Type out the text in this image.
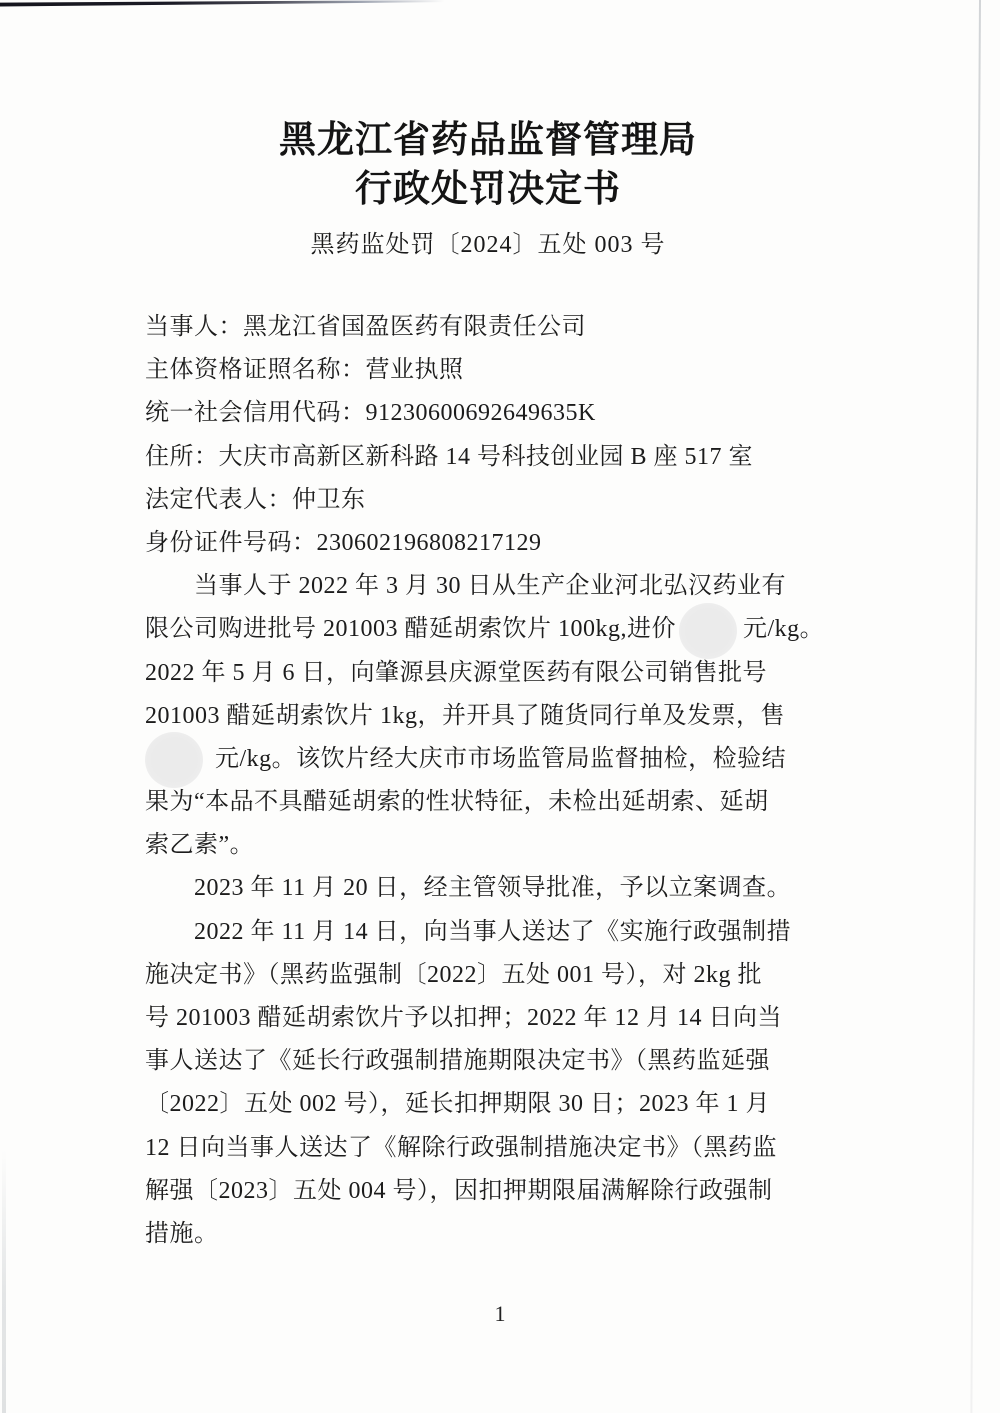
黑龙江省药品监督管理局
行政处罚决定书
黑药监处罚〔2024〕五处 003 号
当事人：黑龙江省国盈医药有限责任公司
主体资格证照名称：营业执照
统一社会信用代码：91230600692649635K
住所：大庆市高新区新科路 14 号科技创业园 B 座 517 室
法定代表人：仲卫东
身份证件号码：230602196808217129
当事人于 2022 年 3 月 30 日从生产企业河北弘汉药业有
限公司购进批号 201003 醋延胡索饮片 100kg,进价	元/kg。
2022 年 5 月 6 日，向肇源县庆源堂医药有限公司销售批号
201003 醋延胡索饮片 1kg，并开具了随货同行单及发票，售
元/kg。该饮片经大庆市市场监管局监督抽检，检验结
果为“本品不具醋延胡索的性状特征，未检出延胡索、延胡
索乙素”。
2023 年 11 月 20 日，经主管领导批准，予以立案调查。
2022 年 11 月 14 日，向当事人送达了《实施行政强制措
施决定书》（黑药监强制〔2022〕五处 001 号），对 2kg 批
号 201003 醋延胡索饮片予以扣押；2022 年 12 月 14 日向当
事人送达了《延长行政强制措施期限决定书》（黑药监延强
〔2022〕五处 002 号），延长扣押期限 30 日；2023 年 1 月
12 日向当事人送达了《解除行政强制措施决定书》（黑药监
解强〔2023〕五处 004 号），因扣押期限届满解除行政强制
措施。
1
